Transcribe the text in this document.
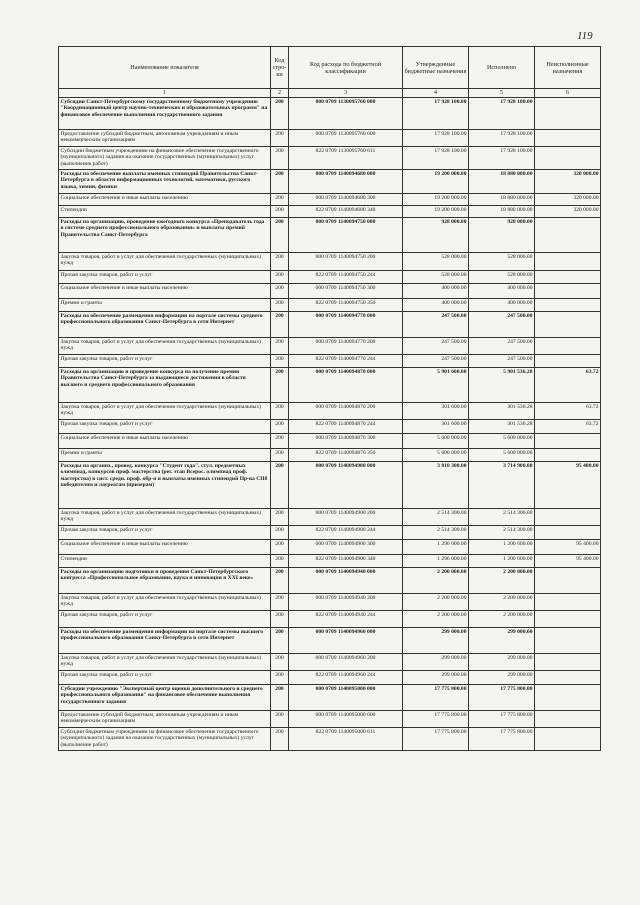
119
Наименование показателя	Код стро-ки	Код расхода по бюджетной классификации	Утвержденные бюджетные назначения	Исполнено	Неисполненные назначения
1	2	3	4	5	6
Субсидии Санкт-Петербургскому государственному бюджетному учреждению "Координационный центр научно-технических и образовательных программ" на финансовое обеспечение выполнения государственного задания	200	000 0709 1130095760 000	17 928 100.00	17 928 100.00	
Предоставление субсидий бюджетным, автономным учреждениям и иным некоммерческим организациям	200	000 0709 1130095760 600	17 928 100.00	17 928 100.00	
Субсидии бюджетным учреждениям на финансовое обеспечение государственного (муниципального) задания на оказание государственных (муниципальных) услуг (выполнение работ)	200	822 0709 1130095760 611	17 928 100.00	17 928 100.00	
Расходы на обеспечение выплаты именных стипендий Правительства Санкт-Петербурга в области информационных технологий, математики, русского языка, химии, физики	200	000 0709 1140094680 000	19 200 000.00	18 880 000.00	320 000.00
Социальное обеспечение и иные выплаты населению	200	000 0709 1140094680 300	19 200 000.00	18 880 000.00	320 000.00
Стипендии	200	822 0709 1140094680 340	19 200 000.00	18 880 000.00	320 000.00
Расходы на организацию, проведение ежегодного конкурса «Преподаватель года в системе среднего профессионального образования» и выплаты премий Правительства Санкт-Петербурга	200	000 0709 1140094750 000	928 000.00	928 000.00	
Закупка товаров, работ и услуг для обеспечения государственных (муниципальных) нужд	200	000 0709 1140094750 200	528 000.00	528 000.00	
Прочая закупка товаров, работ и услуг	200	822 0709 1140094750 244	528 000.00	528 000.00	
Социальное обеспечение и иные выплаты населению	200	000 0709 1140094750 300	400 000.00	400 000.00	
Премии и гранты	200	822 0709 1140094750 350	400 000.00	400 000.00	
Расходы на обеспечение размещения информации на портале системы среднего профессионального образования Санкт-Петербурга в сети Интернет	200	000 0709 1140094770 000	247 500.00	247 500.00	
Закупка товаров, работ и услуг для обеспечения государственных (муниципальных) нужд	200	000 0709 1140094770 200	247 500.00	247 500.00	
Прочая закупка товаров, работ и услуг	200	822 0709 1140094770 244	247 500.00	247 500.00	
Расходы на организацию и проведение конкурса на получение премии Правительства Санкт-Петербурга за выдающиеся достижения в области высшего и среднего профессионального образования	200	000 0709 1140094870 000	5 901 600.00	5 901 536.28	63.72
Закупка товаров, работ и услуг для обеспечения государственных (муниципальных) нужд	200	000 0709 1140094870 200	301 600.00	301 536.28	63.72
Прочая закупка товаров, работ и услуг	200	822 0709 1140094870 244	301 600.00	301 536.28	63.72
Социальное обеспечение и иные выплаты населению	200	000 0709 1140094870 300	5 600 000.00	5 600 000.00	
Премии и гранты	200	822 0709 1140094870 350	5 600 000.00	5 600 000.00	
Расходы на организ., провед. конкурса "Студент года", стул. предметных олимпиад, конкурсов проф. мастерства (рег. этап Всерос. олимпиад проф. мастерства) в сист. средн. проф. обр-я и выплаты именных стипендий Пр-ва СПб победителям и лауреатам (призерам)	200	000 0709 1140094900 000	3 810 300.00	3 714 900.00	95 400.00
Закупка товаров, работ и услуг для обеспечения государственных (муниципальных) нужд	200	000 0709 1140094900 200	2 514 300.00	2 514 300.00	
Прочая закупка товаров, работ и услуг	200	822 0709 1140094900 244	2 514 300.00	2 514 300.00	
Социальное обеспечение и иные выплаты населению	200	000 0709 1140094900 300	1 296 000.00	1 200 600.00	95 400.00
Стипендии	200	822 0709 1140094900 340	1 296 000.00	1 200 600.00	95 400.00
Расходы на организацию подготовки и проведения Санкт-Петербургского конгресса «Профессиональное образование, наука и инновации в XXI веке»	200	000 0709 1140094940 000	2 200 000.00	2 200 000.00	
Закупка товаров, работ и услуг для обеспечения государственных (муниципальных) нужд	200	000 0709 1140094940 200	2 200 000.00	2 200 000.00	
Прочая закупка товаров, работ и услуг	200	822 0709 1140094940 244	2 200 000.00	2 200 000.00	
Расходы на обеспечение размещения информации на портале системы высшего профессионального образования Санкт-Петербурга в сети Интернет	200	000 0709 1140094960 000	299 000.00	299 000.00	
Закупка товаров, работ и услуг для обеспечения государственных (муниципальных) нужд	200	000 0709 1140094960 200	299 000.00	299 000.00	
Прочая закупка товаров, работ и услуг	200	822 0709 1140094960 244	299 000.00	299 000.00	
Субсидии учреждению "Экспертный центр оценки дополнительного и среднего профессионального образования" на финансовое обеспечение выполнения государственного задания	200	000 0709 1140095000 000	17 775 800.00	17 775 800.00	
Предоставление субсидий бюджетным, автономным учреждениям и иным некоммерческим организациям	200	000 0709 1140095000 600	17 775 800.00	17 775 800.00	
Субсидии бюджетным учреждениям на финансовое обеспечение государственного (муниципального) задания на оказание государственных (муниципальных) услуг (выполнение работ)	200	822 0709 1140095000 611	17 775 800.00	17 775 800.00	
